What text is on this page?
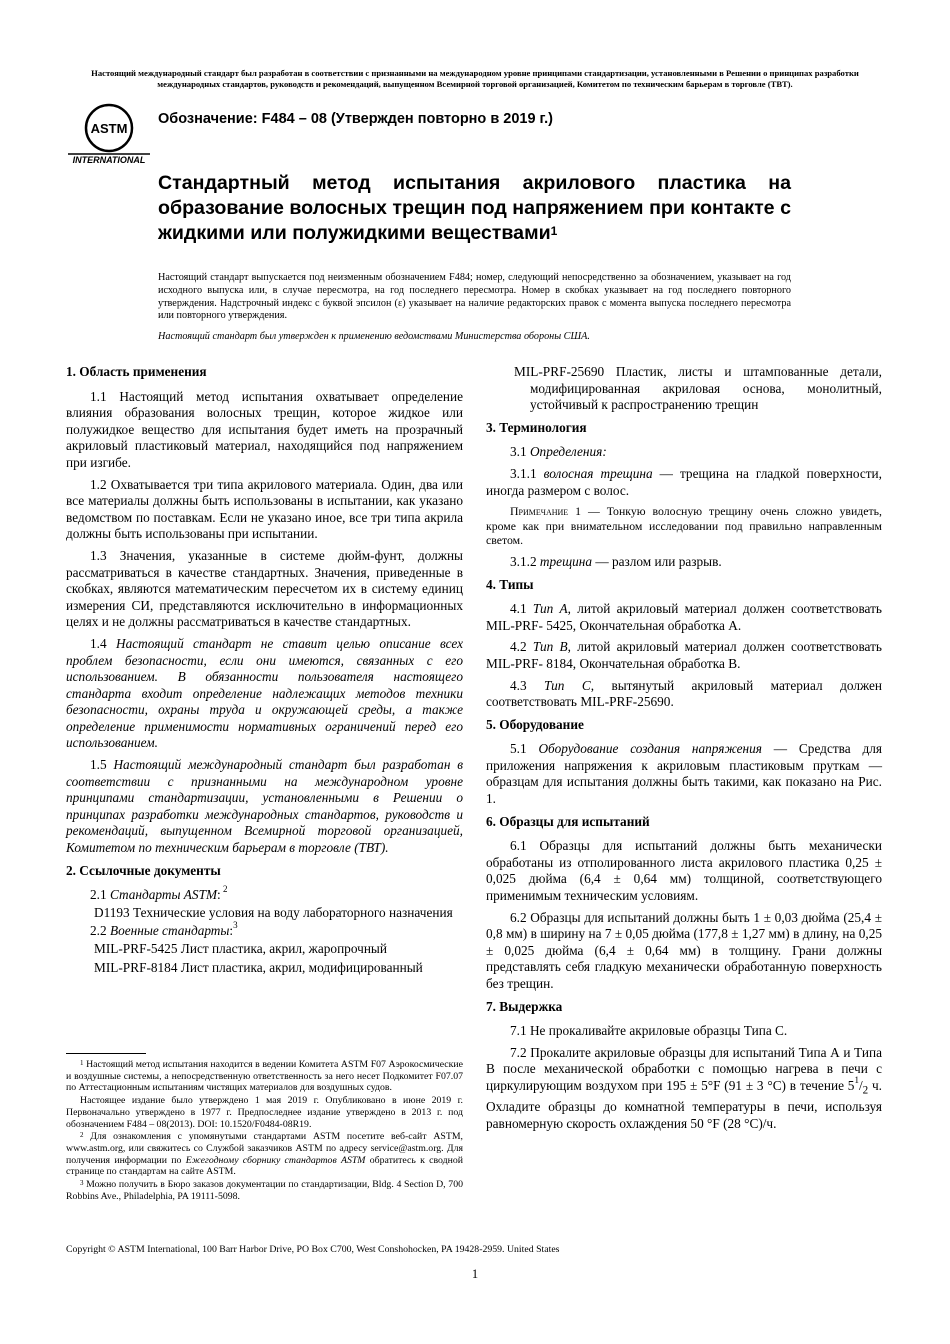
Настоящий международный стандарт был разработан в соответствии с признанными на международном уровне принципами стандартизации, установленными в Решении о принципах разработки международных стандартов, руководств и рекомендаций, выпущенном Всемирной торговой организацией, Комитетом по техническим барьерам в торговле (ТВТ).
ASTM
INTERNATIONAL
Обозначение: F484 – 08 (Утвержден повторно в 2019 г.)
Стандартный метод испытания акрилового пластика на образование волосных трещин под напряжением при контакте с жидкими или полужидкими веществами$^1$

Настоящий стандарт выпускается под неизменным обозначением F484; номер, следующий непосредственно за обозначением, указывает на год исходного выпуска или, в случае пересмотра, на год последнего пересмотра. Номер в скобках указывает на год последнего повторного утверждения. Надстрочный индекс с буквой эпсилон (ε) указывает на наличие редакторских правок с момента выпуска последнего пересмотра или повторного утверждения.

Настоящий стандарт был утвержден к применению ведомствами Министерства обороны США.

1. Область применения

1.1 Настоящий метод испытания охватывает определение влияния образования волосных трещин, которое жидкое или полужидкое вещество для испытания будет иметь на прозрачный акриловый пластиковый материал, находящийся под напряжением при изгибе.

1.2 Охватывается три типа акрилового материала. Один, два или все материалы должны быть использованы в испытании, как указано ведомством по поставкам. Если не указано иное, все три типа акрила должны быть использованы при испытании.

1.3 Значения, указанные в системе дюйм-фунт, должны рассматриваться в качестве стандартных. Значения, приведенные в скобках, являются математическим пересчетом их в систему единиц измерения СИ, представляются исключительно в информационных целях и не должны рассматриваться в качестве стандартных.

1.4 Настоящий стандарт не ставит целью описание всех проблем безопасности, если они имеются, связанных с его использованием. В обязанности пользователя настоящего стандарта входит определение надлежащих методов техники безопасности, охраны труда и окружающей среды, а также определение применимости нормативных ограничений перед его использованием.

1.5 Настоящий международный стандарт был разработан в соответствии с признанными на международном уровне принципами стандартизации, установленными в Решении о принципах разработки международных стандартов, руководств и рекомендаций, выпущенном Всемирной торговой организацией, Комитетом по техническим барьерам в торговле (ТВТ).

2. Ссылочные документы

2.1 Стандарты ASTM: $^2$

D1193 Технические условия на воду лабораторного назначения

2.2 Военные стандарты:$^3$

MIL-PRF-5425 Лист пластика, акрил, жаропрочный

MIL-PRF-8184 Лист пластика, акрил, модифицированный

$^1$ Настоящий метод испытания находится в ведении Комитета ASTM F07 Аэрокосмические и воздушные системы, а непосредственную ответственность за него несет Подкомитет F07.07 по Аттестационным испытаниям чистящих материалов для воздушных судов.

Настоящее издание было утверждено 1 мая 2019 г. Опубликовано в июне 2019 г. Первоначально утверждено в 1977 г. Предпоследнее издание утверждено в 2013 г. под обозначением F484 – 08(2013). DOI: 10.1520/F0484-08R19.

$^2$ Для ознакомления с упомянутыми стандартами ASTM посетите веб-сайт ASTM, www.astm.org, или свяжитесь со Службой заказчиков ASTM по адресу service@astm.org. Для получения информации по Ежегодному сборнику стандартов ASTM обратитесь к сводной странице по стандартам на сайте ASTM.

$^3$ Можно получить в Бюро заказов документации по стандартизации, Bldg. 4 Section D, 700 Robbins Ave., Philadelphia, PA 19111-5098.

MIL-PRF-25690 Пластик, листы и штампованные детали, модифицированная акриловая основа, монолитный, устойчивый к распространению трещин

3. Терминология

3.1 Определения:

3.1.1 волосная трещина — трещина на гладкой поверхности, иногда размером с волос.

Примечание 1 — Тонкую волосную трещину очень сложно увидеть, кроме как при внимательном исследовании под правильно направленным светом.

3.1.2 трещина — разлом или разрыв.

4. Типы

4.1 Тип A, литой акриловый материал должен соответствовать MIL-PRF- 5425, Окончательная обработка А.

4.2 Тип B, литой акриловый материал должен соответствовать MIL-PRF- 8184, Окончательная обработка B.

4.3 Тип C, вытянутый акриловый материал должен соответствовать MIL-PRF-25690.

5. Оборудование

5.1 Оборудование создания напряжения — Средства для приложения напряжения к акриловым пластиковым пруткам — образцам для испытания должны быть такими, как показано на Рис. 1.

6. Образцы для испытаний

6.1 Образцы для испытаний должны быть механически обработаны из отполированного листа акрилового пластика 0,25 ± 0,025 дюйма (6,4 ± 0,64 мм) толщиной, соответствующего применимым техническим условиям.

6.2 Образцы для испытаний должны быть 1 ± 0,03 дюйма (25,4 ± 0,8 мм) в ширину на 7 ± 0,05 дюйма (177,8 ± 1,27 мм) в длину, на 0,25 ± 0,025 дюйма (6,4 ± 0,64 мм) в толщину. Грани должны представлять себя гладкую механически обработанную поверхность без трещин.

7. Выдержка

7.1 Не прокаливайте акриловые образцы Типа С.

7.2 Прокалите акриловые образцы для испытаний Типа А и Типа В после механической обработки с помощью нагрева в печи с циркулирующим воздухом при 195 ± 5°F (91 ± 3 °C) в течение $5^1/_2$ ч. Охладите образцы до комнатной температуры в печи, используя равномерную скорость охлаждения 50 °F (28 °C)/ч.

Copyright © ASTM International, 100 Barr Harbor Drive, PO Box C700, West Conshohocken, PA 19428-2959. United States
1
